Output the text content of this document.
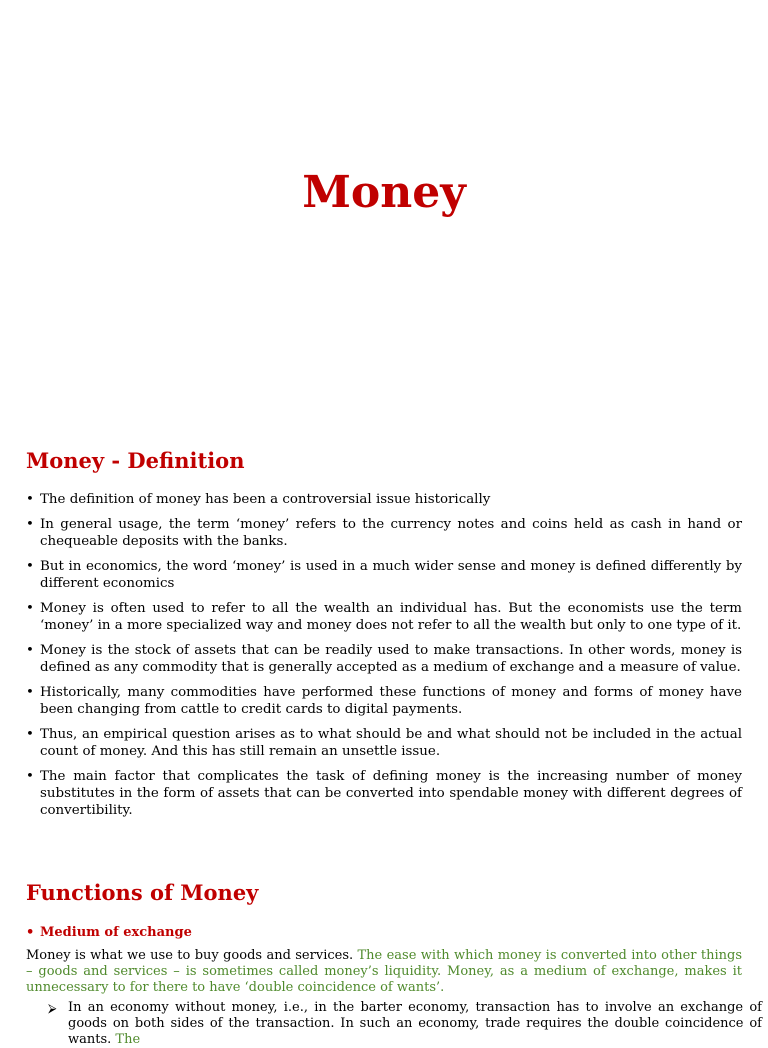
Money
Money - Definition
• The definition of money has been a controversial issue historically
• In general usage, the term ‘money’ refers to the currency notes and coins held as cash in hand or chequeable deposits with the banks.
• But in economics, the word ‘money’ is used in a much wider sense and money is defined differently by different economics
• Money is often used to refer to all the wealth an individual has. But the economists use the term ‘money’ in a more specialized way and money does not refer to all the wealth but only to one type of it.
• Money is the stock of assets that can be readily used to make transactions. In other words, money is defined as any commodity that is generally accepted as a medium of exchange and a measure of value.
• Historically, many commodities have performed these functions of money and forms of money have been changing from cattle to credit cards to digital payments.
• Thus, an empirical question arises as to what should be and what should not be included in the actual count of money. And this has still remain an unsettle issue.
• The main factor that complicates the task of defining money is the increasing number of money substitutes in the form of assets that can be converted into spendable money with different degrees of convertibility.
Functions of Money
• Medium of exchange

Money is what we use to buy goods and services. The ease with which money is converted into other things – goods and services – is sometimes called money’s liquidity. Money, as a medium of exchange, makes it unnecessary to for there to have ‘double coincidence of wants’.

⮚ In an economy without money, i.e., in the barter economy, transaction has to involve an exchange of goods on both sides of the transaction. In such an economy, trade requires the double coincidence of wants. The
